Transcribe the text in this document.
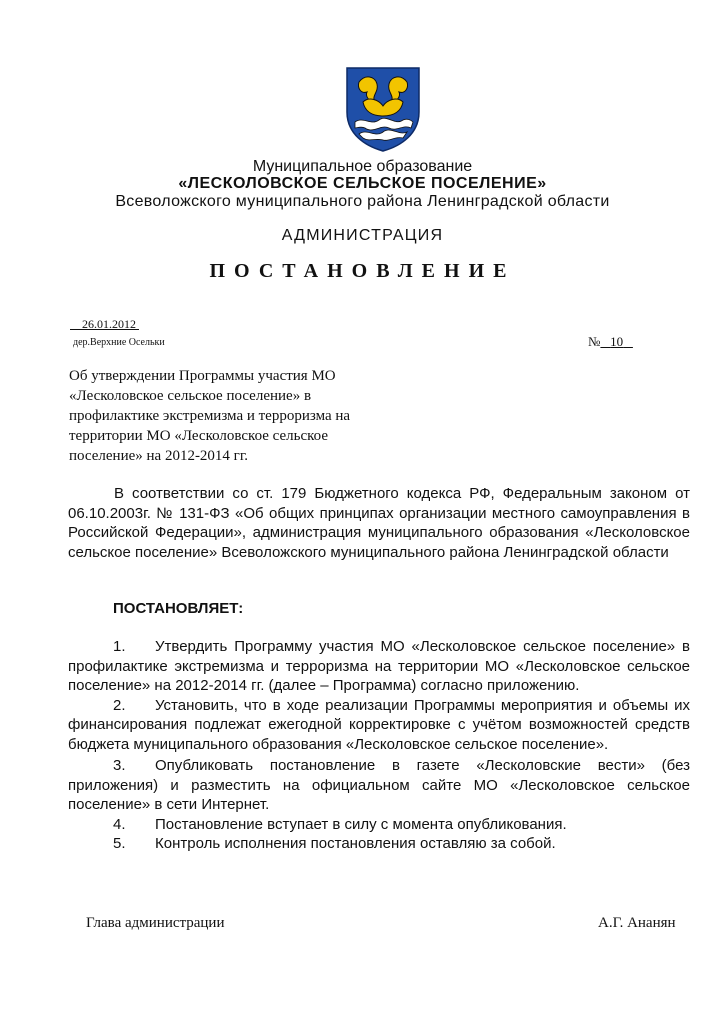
Муниципальное образование
«ЛЕСКОЛОВСКОЕ СЕЛЬСКОЕ ПОСЕЛЕНИЕ»
Всеволожского муниципального района Ленинградской области
АДМИНИСТРАЦИЯ
ПОСТАНОВЛЕНИЕ
26.01.2012
дер.Верхние Осельки	№ 10
Об утверждении Программы участия МО «Лесколовское сельское поселение» в профилактике экстремизма и терроризма на территории МО «Лесколовское сельское поселение» на 2012-2014 гг.
В соответствии со ст. 179 Бюджетного кодекса РФ, Федеральным законом от
06.10.2003г. № 131-ФЗ «Об общих принципах организации местного самоуправления в Российской Федерации», администрация муниципального образования «Лесколовское сельское поселение» Всеволожского муниципального района Ленинградской области
ПОСТАНОВЛЯЕТ:
1. Утвердить Программу участия МО «Лесколовское сельское поселение» в профилактике экстремизма и терроризма на территории МО «Лесколовское сельское поселение» на 2012-2014 гг. (далее – Программа) согласно приложению.
2. Установить, что в ходе реализации Программы мероприятия и объемы их финансирования подлежат ежегодной корректировке с учётом возможностей средств бюджета муниципального образования «Лесколовское сельское поселение».
3. Опубликовать постановление в газете «Лесколовские вести» (без приложения) и разместить на официальном сайте МО «Лесколовское сельское поселение» в сети Интернет.
4. Постановление вступает в силу с момента опубликования.
5. Контроль исполнения постановления оставляю за собой.
Глава администрации	А.Г. Ананян
